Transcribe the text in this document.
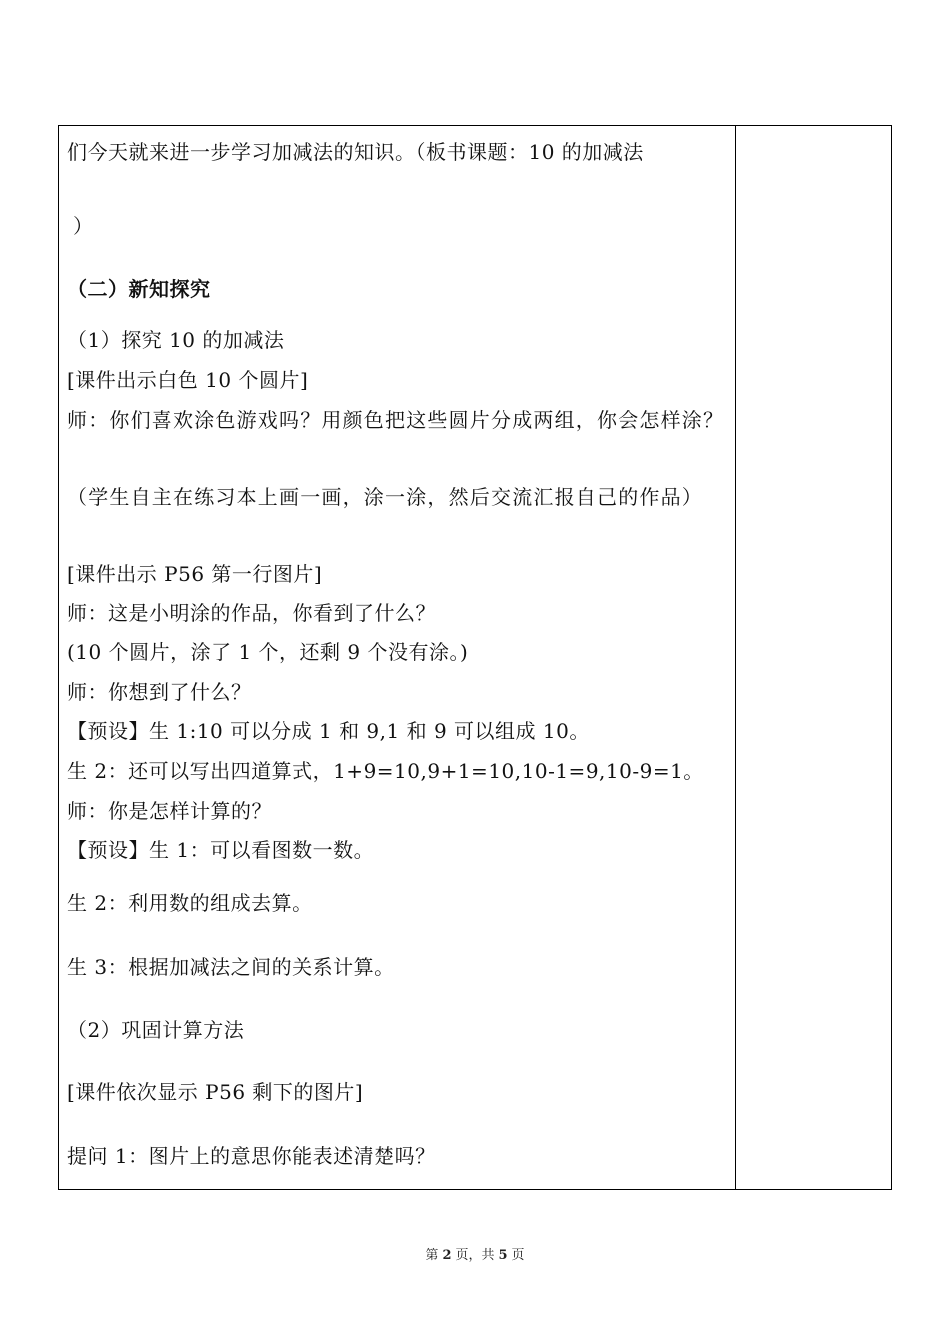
们今天就来进一步学习加减法的知识。（板书课题：10 的加减法
）
（二）新知探究
（1）探究 10 的加减法
[课件出示白色 10 个圆片]
师：你们喜欢涂色游戏吗？用颜色把这些圆片分成两组，你会怎样涂？
（学生自主在练习本上画一画，涂一涂，然后交流汇报自己的作品）
[课件出示 P56 第一行图片]
师：这是小明涂的作品，你看到了什么？
(10 个圆片，涂了 1 个，还剩 9 个没有涂。)
师：你想到了什么？
【预设】生 1:10 可以分成 1 和 9,1 和 9 可以组成 10。
生 2：还可以写出四道算式，1+9=10,9+1=10,10-1=9,10-9=1。
师：你是怎样计算的？
【预设】生 1：可以看图数一数。
生 2：利用数的组成去算。
生 3：根据加减法之间的关系计算。
（2）巩固计算方法
[课件依次显示 P56 剩下的图片]
提问 1：图片上的意思你能表述清楚吗？
第 2 页，共 5 页
